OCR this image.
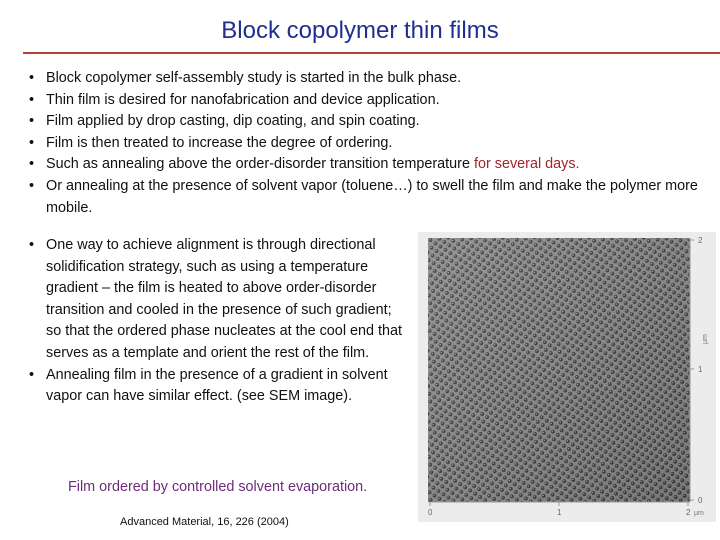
Block copolymer thin films
• Block copolymer self-assembly study is started in the bulk phase.
• Thin film is desired for nanofabrication and device application.
• Film applied by drop casting, dip coating, and spin coating.
• Film is then treated to increase the degree of ordering.
• Such as annealing above the order-disorder transition temperature for several days.
• Or annealing at the presence of solvent vapor (toluene…) to swell the film and make the polymer more mobile.
• One way to achieve alignment is through directional solidification strategy, such as using a temperature gradient – the film is heated to above order-disorder transition and cooled in the presence of such gradient; so that the ordered phase nucleates at the cool end that serves as a template and orient the rest of the film.
• Annealing film in the presence of a gradient in solvent vapor can have similar effect. (see SEM image).
Film ordered by controlled solvent evaporation.
Advanced Material, 16, 226 (2004)
2
1
0
0	1	2
μm
μm
